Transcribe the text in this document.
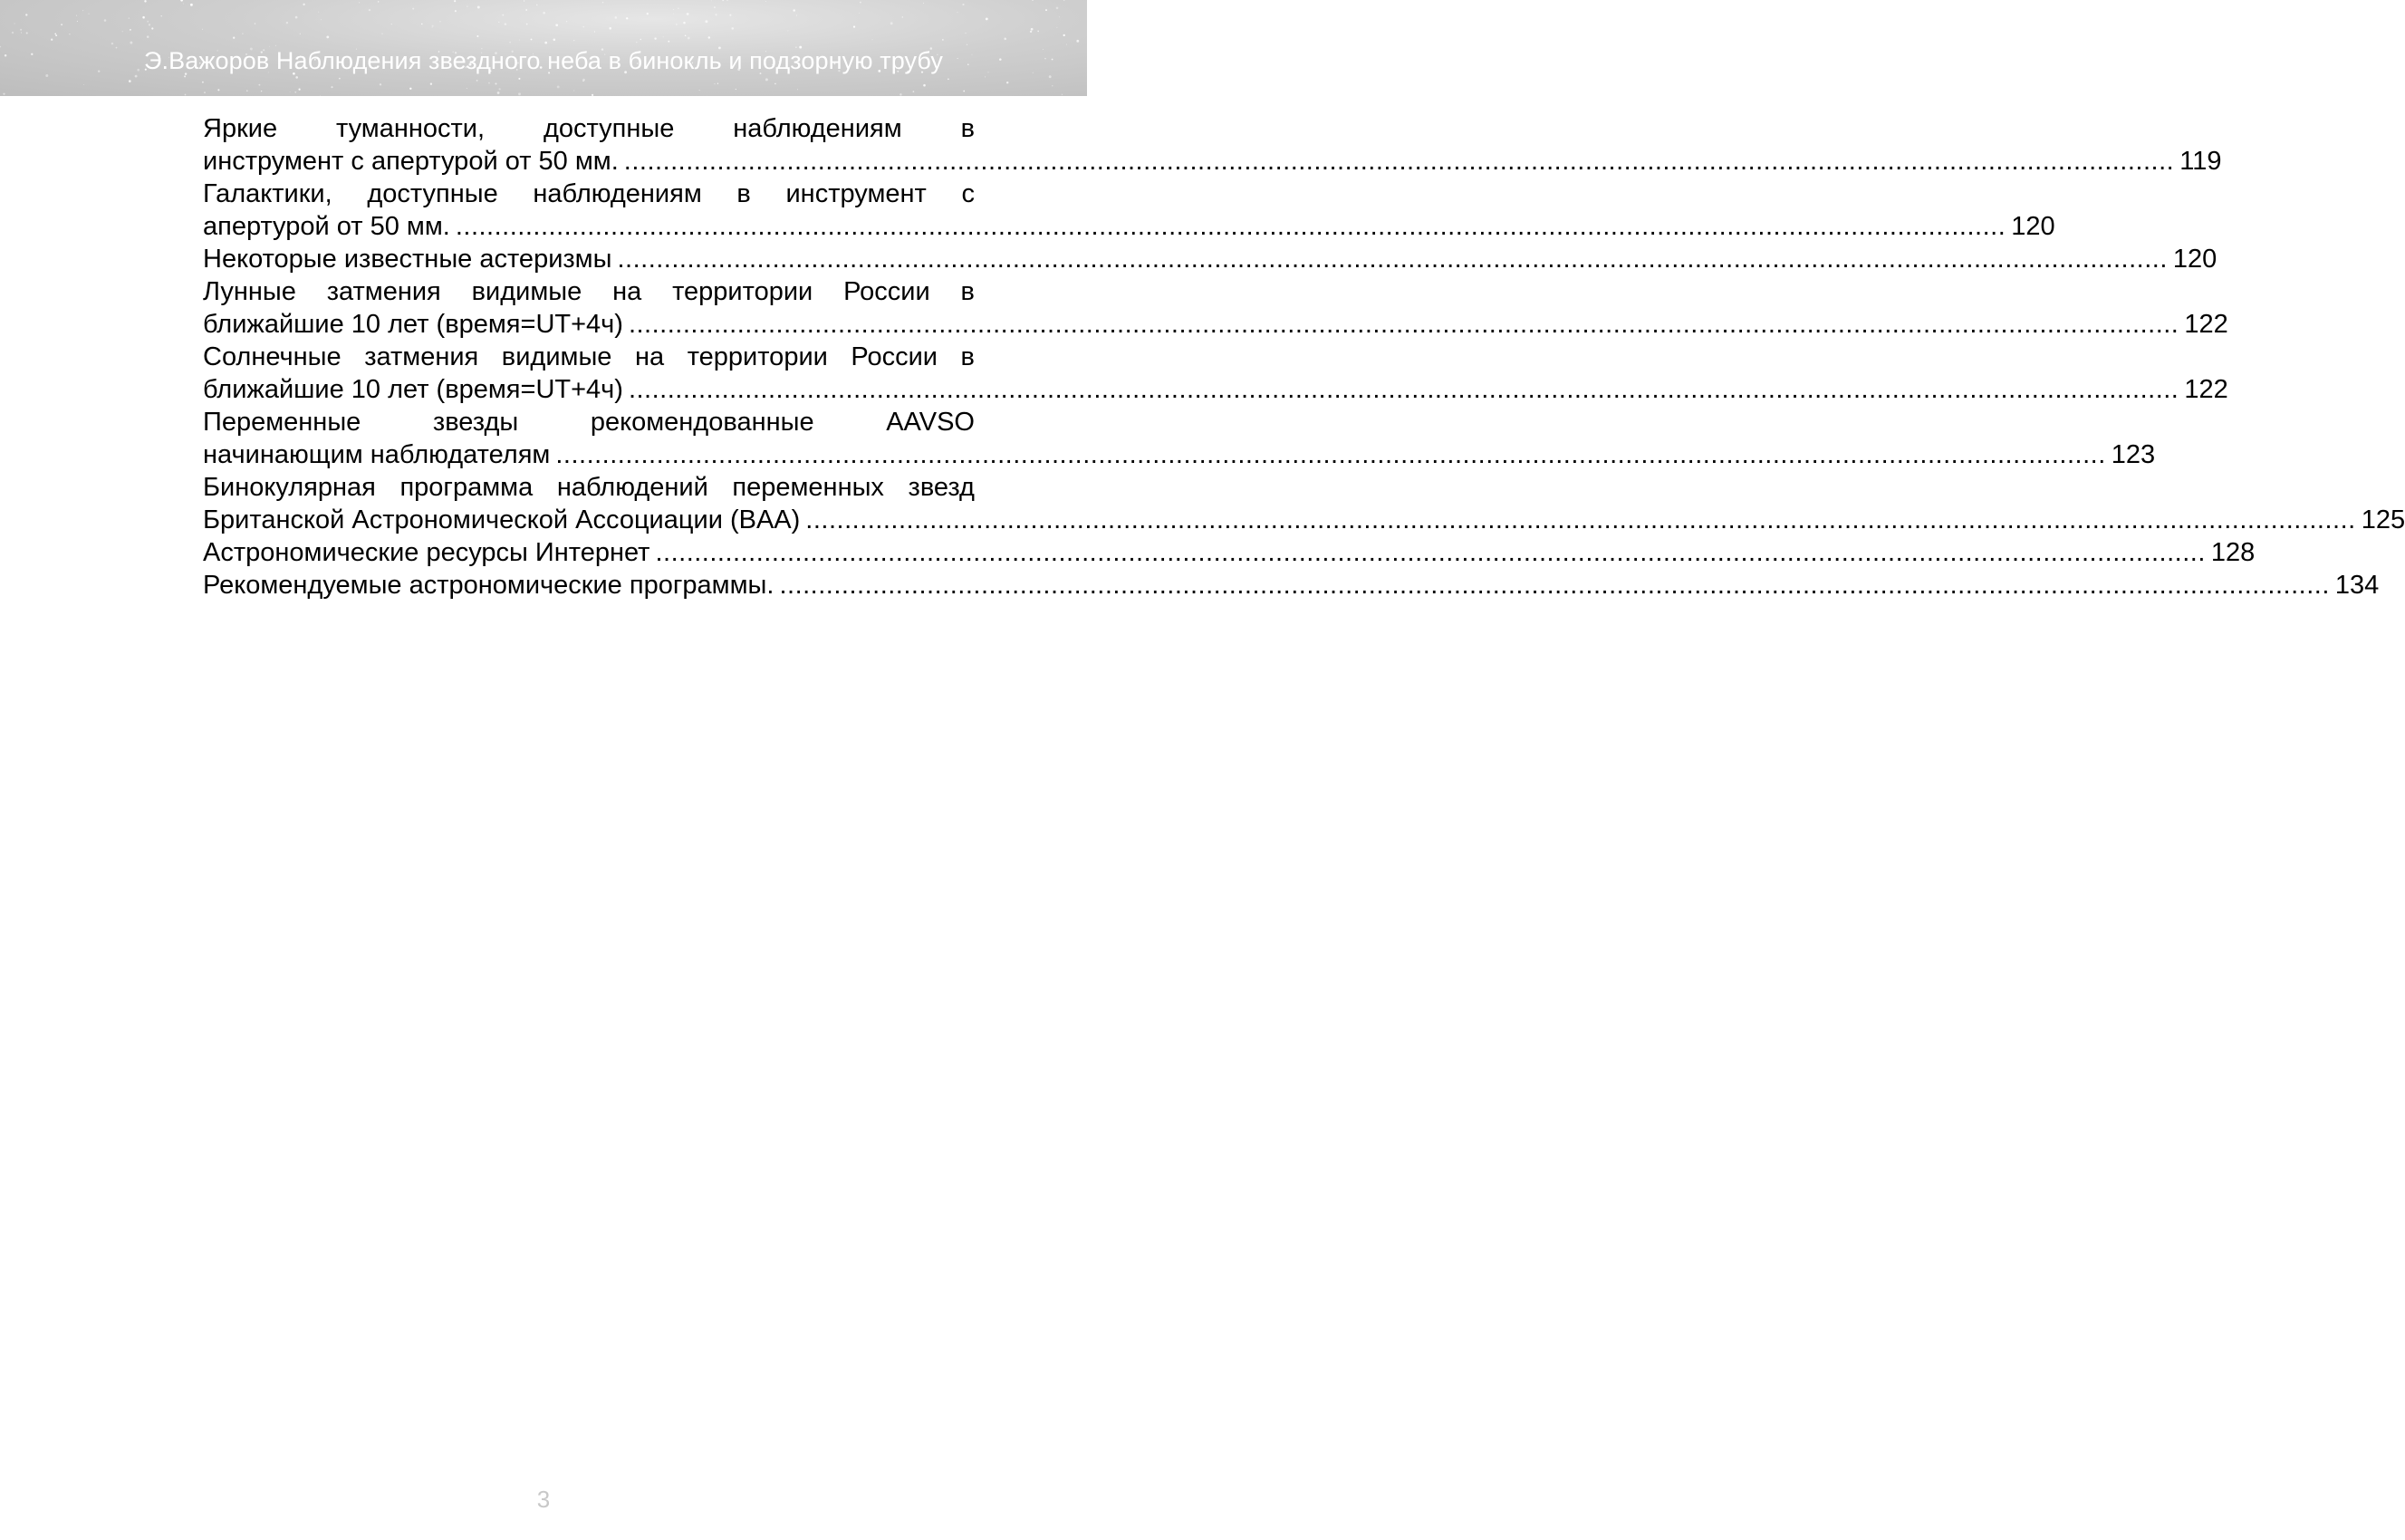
Э.Важоров Наблюдения звездного неба в бинокль и подзорную трубу
Яркие туманности, доступные наблюдениям в
инструмент с апертурой от 50 мм. ........................................................................................................................................................................................................ 119
Галактики, доступные наблюдениям в инструмент с
апертурой от 50 мм. ........................................................................................................................................................................................................ 120
Некоторые известные астеризмы ........................................................................................................................................................................................................ 120
Лунные затмения видимые на территории России в
ближайшие 10 лет (время=UT+4ч) ........................................................................................................................................................................................................ 122
Солнечные затмения видимые на территории России в
ближайшие 10 лет (время=UT+4ч) ........................................................................................................................................................................................................ 122
Переменные	звезды	рекомендованные	AAVSO
начинающим наблюдателям ........................................................................................................................................................................................................ 123
Бинокулярная программа наблюдений переменных звезд
Британской Астрономической Ассоциации (BAA) ........................................................................................................................................................................................................ 125
Астрономические ресурсы Интернет ........................................................................................................................................................................................................ 128
Рекомендуемые астрономические программы. ........................................................................................................................................................................................................ 134
3
